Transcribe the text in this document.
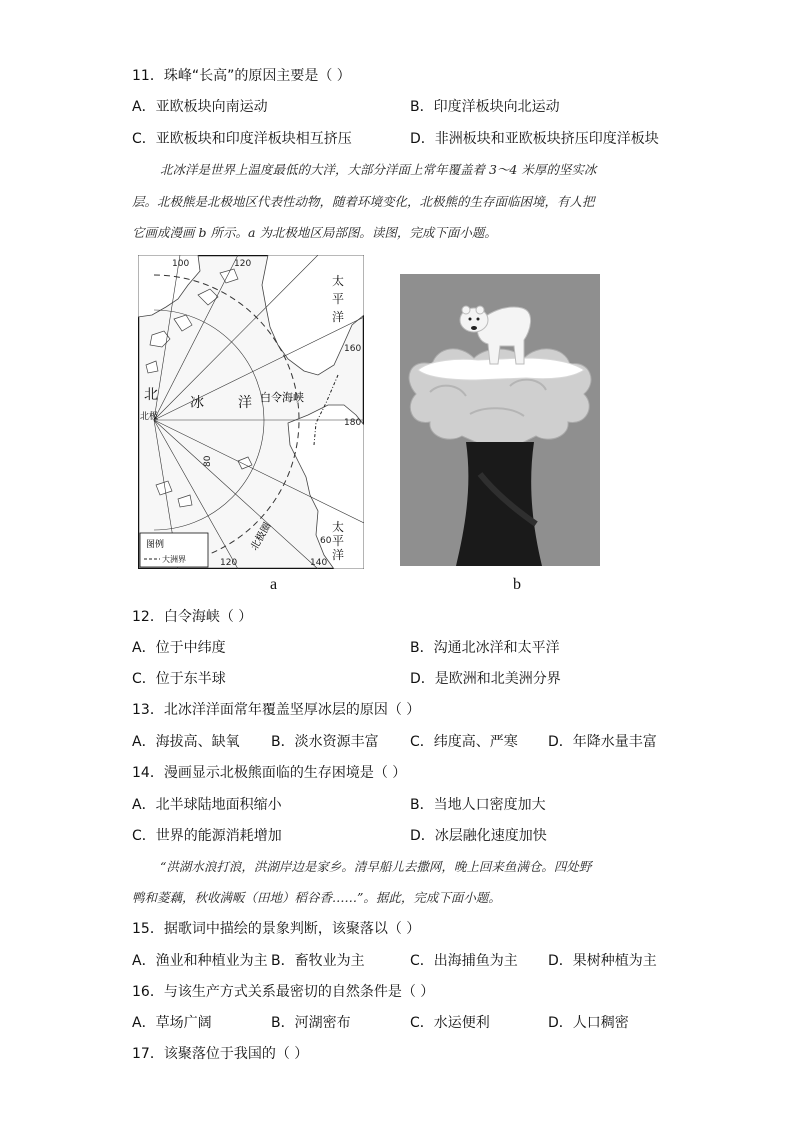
11．珠峰“长高”的原因主要是（ ）
A．亚欧板块向南运动	B．印度洋板块向北运动
C．亚欧板块和印度洋板块相互挤压	D．非洲板块和亚欧板块挤压印度洋板块
北冰洋是世界上温度最低的大洋，大部分洋面上常年覆盖着 3～4 米厚的坚实冰
层。北极熊是北极地区代表性动物，随着环境变化，北极熊的生存面临困境，有人把
它画成漫画 b 所示。a 为北极地区局部图。读图，完成下面小题。
图例
大洲界
100	120
160
180
60
120	140
80
太
平
洋
太
平
洋
北 冰 洋
北极
白令海峡
北极圈
a	b
12．白令海峡（ ）
A．位于中纬度	B．沟通北冰洋和太平洋
C．位于东半球	D．是欧洲和北美洲分界
13．北冰洋洋面常年覆盖坚厚冰层的原因（ ）
A．海拔高、缺氧 B．淡水资源丰富 C．纬度高、严寒 D．年降水量丰富
14．漫画显示北极熊面临的生存困境是（ ）
A．北半球陆地面积缩小	B．当地人口密度加大
C．世界的能源消耗增加	D．冰层融化速度加快
“洪湖水浪打浪，洪湖岸边是家乡。清早船儿去撒网，晚上回来鱼满仓。四处野
鸭和菱藕，秋收满畈（田地）稻谷香……”。据此，完成下面小题。
15．据歌词中描绘的景象判断，该聚落以（ ）
A．渔业和种植业为主 B．畜牧业为主	C．出海捕鱼为主 D．果树种植为主
16．与该生产方式关系最密切的自然条件是（ ）
A．草场广阔	B．河湖密布	C．水运便利	D．人口稠密
17．该聚落位于我国的（ ）
